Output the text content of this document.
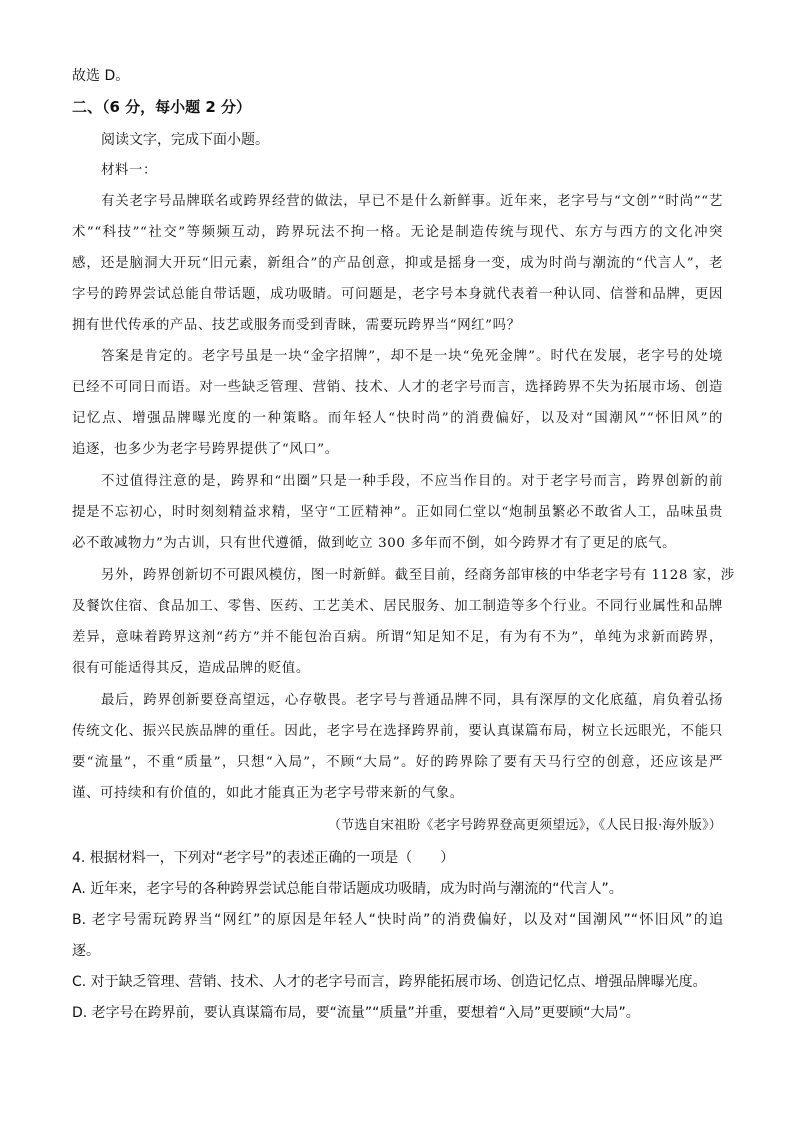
故选 D。
二、（6 分，每小题 2 分）
阅读文字，完成下面小题。
材料一：
有关老字号品牌联名或跨界经营的做法，早已不是什么新鲜事。近年来，老字号与“文创”“时尚”“艺
术”“科技”“社交”等频频互动，跨界玩法不拘一格。无论是制造传统与现代、东方与西方的文化冲突
感，还是脑洞大开玩“旧元素，新组合”的产品创意，抑或是摇身一变，成为时尚与潮流的“代言人”，老
字号的跨界尝试总能自带话题，成功吸睛。可问题是，老字号本身就代表着一种认同、信誉和品牌，更因
拥有世代传承的产品、技艺或服务而受到青睐，需要玩跨界当“网红”吗？
答案是肯定的。老字号虽是一块“金字招牌”，却不是一块“免死金牌”。时代在发展，老字号的处境
已经不可同日而语。对一些缺乏管理、营销、技术、人才的老字号而言，选择跨界不失为拓展市场、创造
记忆点、增强品牌曝光度的一种策略。而年轻人“快时尚”的消费偏好，以及对“国潮风”“怀旧风”的
追逐，也多少为老字号跨界提供了“风口”。
不过值得注意的是，跨界和“出圈”只是一种手段，不应当作目的。对于老字号而言，跨界创新的前
提是不忘初心，时时刻刻精益求精，坚守“工匠精神”。正如同仁堂以“炮制虽繁必不敢省人工，品味虽贵
必不敢减物力”为古训，只有世代遵循，做到屹立 300 多年而不倒，如今跨界才有了更足的底气。
另外，跨界创新切不可跟风模仿，图一时新鲜。截至目前，经商务部审核的中华老字号有 1128 家，涉
及餐饮住宿、食品加工、零售、医药、工艺美术、居民服务、加工制造等多个行业。不同行业属性和品牌
差异，意味着跨界这剂“药方”并不能包治百病。所谓“知足知不足，有为有不为”，单纯为求新而跨界，
很有可能适得其反，造成品牌的贬值。
最后，跨界创新要登高望远，心存敬畏。老字号与普通品牌不同，具有深厚的文化底蕴，肩负着弘扬
传统文化、振兴民族品牌的重任。因此，老字号在选择跨界前，要认真谋篇布局，树立长远眼光，不能只
要“流量”，不重“质量”，只想“入局”，不顾“大局”。好的跨界除了要有天马行空的创意，还应该是严
谨、可持续和有价值的，如此才能真正为老字号带来新的气象。
（节选自宋祖盼《老字号跨界登高更须望远》，《人民日报·海外版》）
4. 根据材料一，下列对“老字号”的表述正确的一项是（　　）
A. 近年来，老字号的各种跨界尝试总能自带话题成功吸睛，成为时尚与潮流的“代言人”。
B. 老字号需玩跨界当“网红”的原因是年轻人“快时尚”的消费偏好，以及对“国潮风”“怀旧风”的追
逐。
C. 对于缺乏管理、营销、技术、人才的老字号而言，跨界能拓展市场、创造记忆点、增强品牌曝光度。
D. 老字号在跨界前，要认真谋篇布局，要“流量”“质量”并重，要想着“入局”更要顾“大局”。
